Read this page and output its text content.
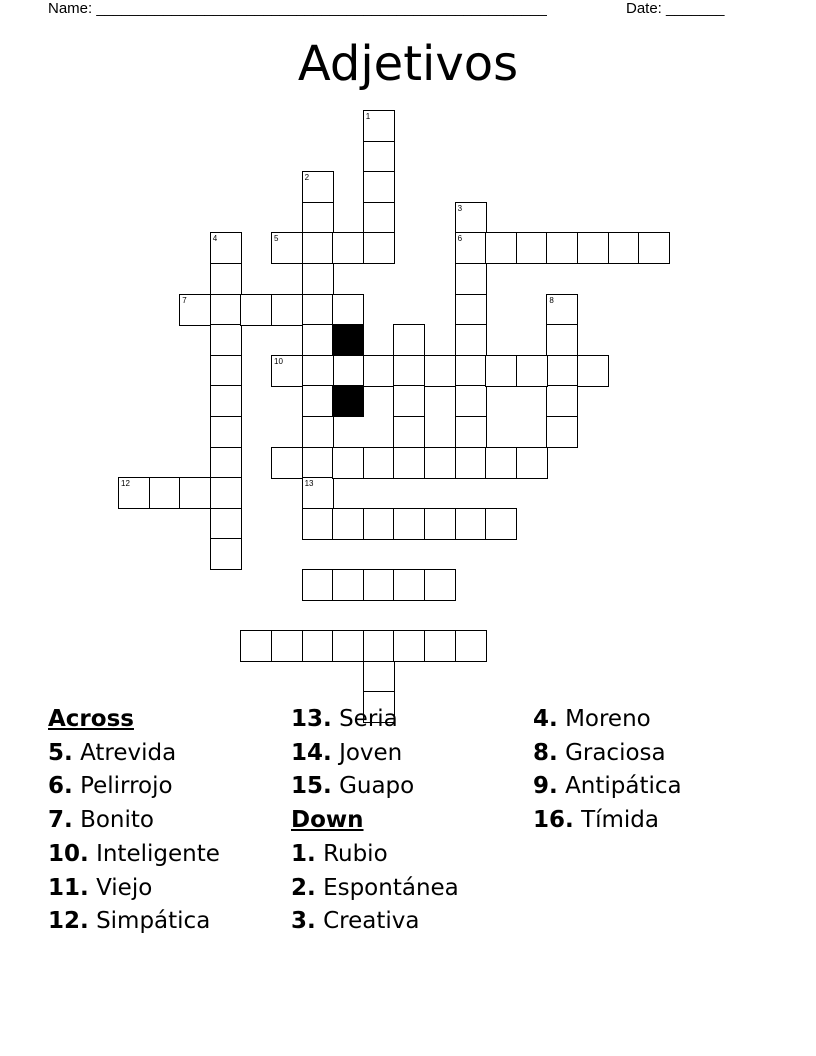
Name: ______________________________________________________	Date: _______
Adjetivos
1
2
13
3
6
4	5
7	8
10
12
Across
5. Atrevida
6. Pelirrojo
7. Bonito
10. Inteligente
11. Viejo
12. Simpática
13. Seria
14. Joven
15. Guapo
Down
1. Rubio
2. Espontánea
3. Creativa
4. Moreno
8. Graciosa
9. Antipática
16. Tímida
